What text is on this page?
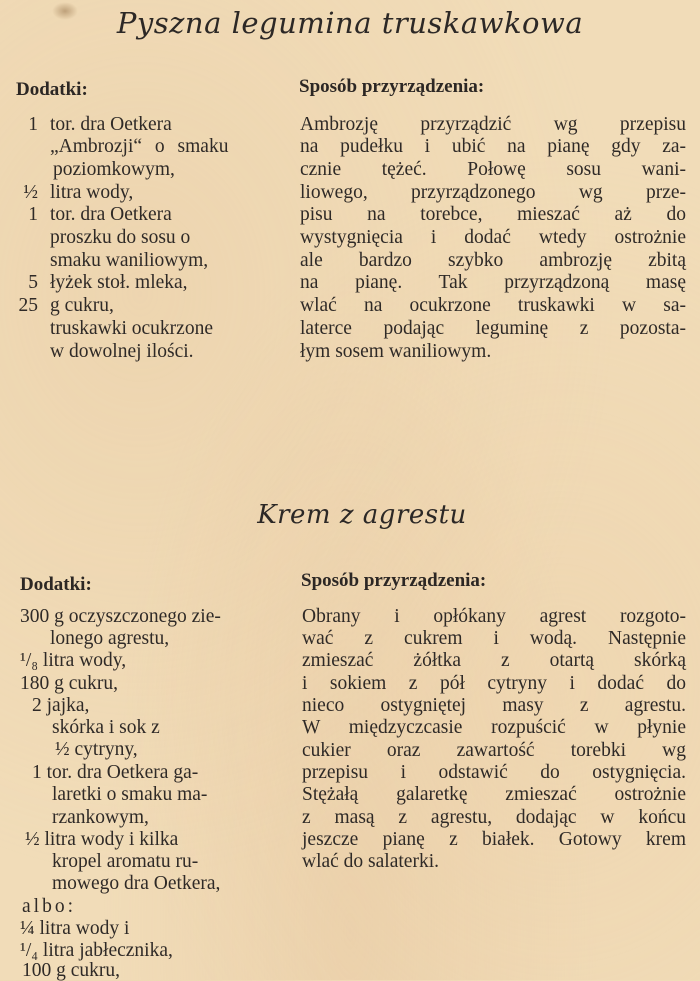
Pyszna legumina truskawkowa
Dodatki:	Sposób przyrządzenia:
1 tor. dra Oetkera
„Ambrozji“ o smaku
poziomkowym,
½ litra wody,
1 tor. dra Oetkera
proszku do sosu o
smaku waniliowym,
5 łyżek stoł. mleka,
25 g cukru,
truskawki ocukrzone
w dowolnej ilości.
Ambrozję przyrządzić wg przepisu
na pudełku i ubić na pianę gdy za-
cznie tężeć. Połowę sosu wani-
liowego, przyrządzonego wg prze-
pisu na torebce, mieszać aż do
wystygnięcia i dodać wtedy ostrożnie
ale bardzo szybko ambrozję zbitą
na pianę. Tak przyrządzoną masę
wlać na ocukrzone truskawki w sa-
laterce podając leguminę z pozosta-
łym sosem waniliowym.
Krem z agrestu
Dodatki:	Sposób przyrządzenia:
300 g oczyszczonego zie-
lonego agrestu,
¹/₈ litra wody,
180 g cukru,
2 jajka,
skórka i sok z
½ cytryny,
1 tor. dra Oetkera ga-
laretki o smaku ma-
rzankowym,
½ litra wody i kilka
kropel aromatu ru-
mowego dra Oetkera,
albo:
¼ litra wody i
¹/₄ litra jabłecznika,
100 g cukru,
Obrany i opłókany agrest rozgoto-
wać z cukrem i wodą. Następnie
zmieszać żółtka z otartą skórką
i sokiem z pół cytryny i dodać do
nieco ostygniętej masy z agrestu.
W międzyczcasie rozpuścić w płynie
cukier oraz zawartość torebki wg
przepisu i odstawić do ostygnięcia.
Stężałą galaretkę zmieszać ostrożnie
z masą z agrestu, dodając w końcu
jeszcze pianę z białek. Gotowy krem
wlać do salaterki.
